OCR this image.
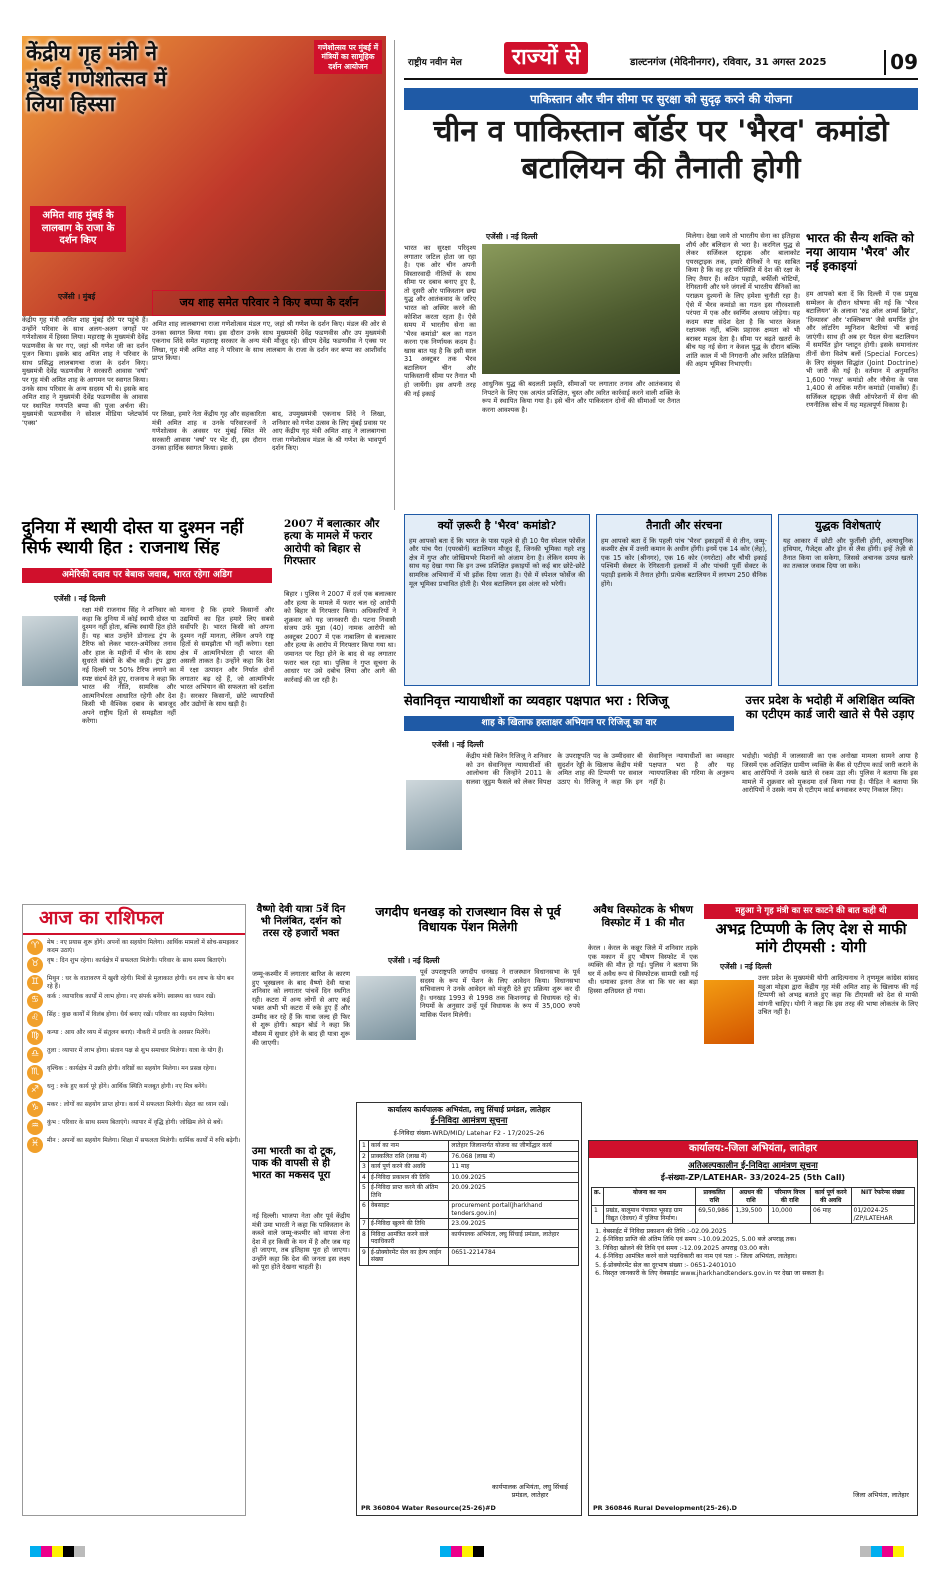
राष्ट्रीय नवीन मेल	राज्यों से	डाल्टनगंज (मेदिनीनगर), रविवार, 31 अगस्त 2025	09
केंद्रीय गृह मंत्री ने मुंबई गणेशोत्सव में लिया हिस्सा
गणेशोत्सव पर मुंबई में मंत्रियों का सामूहिक दर्शन आयोजन
अमित शाह मुंबई के लालबाग के राजा के दर्शन किए
एजेंसी । मुंबई
केंद्रीय गृह मंत्री अमित शाह मुंबई दौरे पर पहुंचे हैं। उन्होंने परिवार के साथ अलग-अलग जगहों पर गणेशोत्सव में हिस्सा लिया। महाराष्ट्र के मुख्यमंत्री देवेंद्र फडणवीस के घर गए, जहां श्री गणेश जी का दर्शन पूजन किया। इसके बाद अमित शाह ने परिवार के साथ प्रसिद्ध लालबागचा राजा के दर्शन किए। मुख्यमंत्री देवेंद्र फडणवीस ने सरकारी आवास 'वर्षा' पर गृह मंत्री अमित शाह के आगमन पर स्वागत किया। उनके साथ परिवार के अन्य सदस्य भी थे। इसके बाद अमित शाह ने मुख्यमंत्री देवेंद्र फडणवीस के आवास पर स्थापित गणपति बप्पा की पूजा अर्चना की। मुख्यमंत्री फडणवीस ने सोशल मीडिया प्लेटफॉर्म 'एक्स'
जय शाह समेत परिवार ने किए बप्पा के दर्शन
अमित शाह लालबागचा राजा गणेशोत्सव मंडल गए, जहां श्री गणेश के दर्शन किए। मंडल की ओर से उनका स्वागत किया गया। इस दौरान उनके साथ मुख्यमंत्री देवेंद्र फडणवीस और उप मुख्यमंत्री एकनाथ शिंदे समेत महाराष्ट्र सरकार के अन्य मंत्री मौजूद रहे। सीएम देवेंद्र फडणवीस ने एक्स पर लिखा, गृह मंत्री अमित शाह ने परिवार के साथ लालबाग के राजा के दर्शन कर बप्पा का आशीर्वाद प्राप्त किया।
पर लिखा, हमारे नेता केंद्रीय गृह और सहकारिता मंत्री अमित शाह व उनके परिवारजनों ने गणेशोत्सव के अवसर पर मुंबई स्थित मेरे सरकारी आवास 'वर्षा' पर भेंट दी, इस दौरान उनका हार्दिक स्वागत किया। इसके
बाद, उपमुख्यमंत्री एकनाथ शिंदे ने लिखा, शनिवार को गणेश उत्सव के लिए मुंबई प्रवास पर आए केंद्रीय गृह मंत्री अमित शाह ने लालबागचा राजा गणेशोत्सव मंडल के श्री गणेश के भावपूर्ण दर्शन किए।
पाकिस्तान और चीन सीमा पर सुरक्षा को सुदृढ़ करने की योजना
चीन व पाकिस्तान बॉर्डर पर 'भैरव' कमांडो बटालियन की तैनाती होगी
एजेंसी । नई दिल्ली
भारत का सुरक्षा परिदृश्य लगातार जटिल होता जा रहा है। एक ओर चीन अपनी विस्तारवादी नीतियों के साथ सीमा पर दबाव बनाए हुए है, तो दूसरी ओर पाकिस्तान छद्म युद्ध और आतंकवाद के जरिए भारत को अस्थिर करने की कोशिश करता रहता है। ऐसे समय में भारतीय सेना का 'भैरव कमांडो' बल का गठन करना एक निर्णायक कदम है। खास बात यह है कि इसी साल 31 अक्टूबर तक भैरव बटालियन चीन और पाकिस्तानी सीमा पर तैनात भी हो जायेंगी। इस अपनी तरह की नई इकाई
आधुनिक युद्ध की बदलती प्रकृति, सीमाओं पर लगातार तनाव और आतंकवाद से निपटने के लिए एक अत्यंत प्रशिक्षित, चुस्त और त्वरित कार्रवाई करने वाली शक्ति के रूप में स्थापित किया गया है। इसे चीन और पाकिस्तान दोनों की सीमाओं पर तैनात करना आवश्यक है।
मिलेगा। देखा जाये तो भारतीय सेना का इतिहास शौर्य और बलिदान से भरा है। करगिल युद्ध से लेकर सर्जिकल स्ट्राइक और बालाकोट एयरस्ट्राइक तक, हमारे सैनिकों ने यह साबित किया है कि वह हर परिस्थिति में देश की रक्षा के लिए तैयार हैं। कठिन पहाड़ी, बर्फीली चोटियों, रेगिस्तानी और घने जंगलों में भारतीय सैनिकों का पराक्रम दुश्मनों के लिए हमेशा चुनौती रहा है। ऐसे में भैरव कमांडो का गठन इस गौरवशाली परंपरा में एक और स्वर्णिम अध्याय जोड़ेगा। यह कदम स्पष्ट संदेश देता है कि भारत केवल रक्षात्मक नहीं, बल्कि प्रहारक क्षमता को भी बराबर महत्व देता है। सीमा पर बढ़ते खतरों के बीच यह नई सेना न केवल युद्ध के दौरान बल्कि शांति काल में भी निगरानी और त्वरित प्रतिक्रिया की अहम भूमिका निभाएगी।
भारत की सैन्य शक्ति को नया आयाम 'भैरव' और नई इकाइयां
हम आपको बता दें कि दिल्ली में एक प्रमुख सम्मेलन के दौरान घोषणा की गई कि 'भैरव बटालियन' के अलावा 'रुद्र ऑल आर्म्स ब्रिगेड', 'दिव्यास्त्र' और 'शक्तिबाण' जैसे समर्पित ड्रोन और लॉटरिंग म्यूनिशन बैटरियां भी बनाई जाएंगी। साथ ही अब हर पैदल सेना बटालियन में समर्पित ड्रोन प्लाटून होगी। इसके समानांतर तीनों सेना विशेष बलों (Special Forces) के लिए संयुक्त सिद्धांत (Joint Doctrine) भी जारी की गई है। वर्तमान में अनुमानित 1,600 'गरुड़' कमांडो और नौसेना के पास 1,400 से अधिक मरीन कमांडो (मार्कोस) हैं। सर्जिकल स्ट्राइक जैसी ऑपरेशनों में सेना की रणनीतिक सोच में यह महत्वपूर्ण विकास है।
दुनिया में स्थायी दोस्त या दुश्मन नहीं सिर्फ स्थायी हित : राजनाथ सिंह
अमेरिकी दबाव पर बेबाक जवाब, भारत रहेगा अडिग
एजेंसी । नई दिल्ली
रक्षा मंत्री राजनाथ सिंह ने शनिवार को कहा कि दुनिया में कोई स्थायी दोस्त या दुश्मन नहीं होता, बल्कि स्थायी हित होते हैं। यह बात उन्होंने डोनाल्ड ट्रंप के टैरिफ को लेकर भारत-अमेरिका तनाव और हाल के महीनों में चीन के साथ सुधरते संबंधों के बीच कही। ट्रंप द्वारा नई दिल्ली पर 50% टैरिफ लगाने का स्पष्ट संदर्भ देते हुए, राजनाथ ने कहा कि भारत की नीति, सामरिक और आत्मनिर्भरता आधारित रहेगी और देश किसी भी वैश्विक दबाव के बावजूद अपने राष्ट्रीय हितों से समझौता नहीं करेगा।
मानना है कि हमारे किसानों और उद्यमियों का हित हमारे लिए सबसे सर्वोपरि है। भारत किसी को अपना दुश्मन नहीं मानता, लेकिन अपने राष्ट्र हितों से समझौता भी नहीं करेगा। रक्षा क्षेत्र में आत्मनिर्भरता ही भारत की असली ताकत है। उन्होंने कहा कि देश में रक्षा उत्पादन और निर्यात दोनों लगातार बढ़ रहे हैं, जो आत्मनिर्भर भारत अभियान की सफलता को दर्शाता है। सरकार किसानों, छोटे व्यापारियों और उद्योगों के साथ खड़ी है।
2007 में बलात्कार और हत्या के मामले में फरार आरोपी को बिहार से गिरफ्तार
बिहार । पुलिस ने 2007 में दर्ज एक बलात्कार और हत्या के मामले में फरार चल रहे आरोपी को बिहार से गिरफ्तार किया। अधिकारियों ने शुक्रवार को यह जानकारी दी। पटना निवासी संजय उर्फ मुन्ना (40) नामक आरोपी को अक्टूबर 2007 में एक नाबालिग से बलात्कार और हत्या के आरोप में गिरफ्तार किया गया था। जमानत पर रिहा होने के बाद से वह लगातार फरार चल रहा था। पुलिस ने गुप्त सूचना के आधार पर उसे दबोच लिया और आगे की कार्रवाई की जा रही है।
क्यों ज़रूरी है 'भैरव' कमांडो?
हम आपको बता दें कि भारत के पास पहले से ही 10 पैरा स्पेशल फोर्सेज और पांच पैरा (एयरबोर्न) बटालियन मौजूद हैं, जिनकी भूमिका गहरे शत्रु क्षेत्र में गुप्त और जोखिमभरे मिशनों को अंजाम देना है। लेकिन समय के साथ यह देखा गया कि इन उच्च प्रशिक्षित इकाइयों को कई बार छोटे-छोटे सामरिक अभियानों में भी झोंक दिया जाता है। ऐसे में स्पेशल फोर्सेज की मूल भूमिका प्रभावित होती है। भैरव बटालियन इस अंतर को भरेगी।
तैनाती और संरचना
हम आपको बता दें कि पहली पांच 'भैरव' इकाइयों में से तीन, जम्मू-कश्मीर क्षेत्र में उत्तरी कमान के अधीन होंगी। इनमें एक 14 कोर (लेह), एक 15 कोर (श्रीनगर), एक 16 कोर (नगरोटा) और चौथी इकाई पश्चिमी सेक्टर के रेगिस्तानी इलाकों में और पांचवी पूर्वी सेक्टर के पहाड़ी इलाके में तैनात होगी। प्रत्येक बटालियन में लगभग 250 सैनिक होंगे।
युद्धक विशेषताएं
यह आकार में छोटी और फुर्तीली होंगी, अत्याधुनिक हथियार, गैजेट्स और ड्रोन से लैस होंगी। इन्हें तेज़ी से तैनात किया जा सकेगा, जिससे अचानक उत्पन्न खतरे का तत्काल जवाब दिया जा सके।
सेवानिवृत्त न्यायाधीशों का व्यवहार पक्षपात भरा : रिजिजू
शाह के खिलाफ हस्ताक्षर अभियान पर रिजिजू का वार
एजेंसी । नई दिल्ली
केंद्रीय मंत्री किरेन रिजिजू ने शनिवार को उन सेवानिवृत्त न्यायाधीशों की आलोचना की जिन्होंने 2011 के सलवा जुडुम फैसले को लेकर विपक्ष के उपराष्ट्रपति पद के उम्मीदवार बी सुदर्शन रेड्डी के खिलाफ केंद्रीय मंत्री अमित शाह की टिप्पणी पर सवाल उठाए थे। रिजिजू ने कहा कि इन सेवानिवृत्त न्यायाधीशों का व्यवहार पक्षपात भरा है और यह न्यायपालिका की गरिमा के अनुरूप नहीं है।
उत्तर प्रदेश के भदोही में अशिक्षित व्यक्ति का एटीएम कार्ड जारी खाते से पैसे उड़ाए
भदोही। भदोही में जालसाजी का एक अनोखा मामला सामने आया है जिसमें एक अशिक्षित ग्रामीण व्यक्ति के बैंक से एटीएम कार्ड जारी कराने के बाद आरोपियों ने उसके खाते से रकम उड़ा ली। पुलिस ने बताया कि इस मामले में शुक्रवार को मुकदमा दर्ज किया गया है। पीड़ित ने बताया कि आरोपियों ने उसके नाम से एटीएम कार्ड बनवाकर रुपए निकाल लिए।
आज का राशिफल
♈	मेष : नए प्रयास शुरू होंगे। अपनों का सहयोग मिलेगा। आर्थिक मामलों में सोच-समझकर कदम उठाएं।
♉	वृष : दिन शुभ रहेगा। कार्यक्षेत्र में सफलता मिलेगी। परिवार के साथ समय बिताएंगे।
♊	मिथुन : घर के वातावरण में खुशी रहेगी। मित्रों से मुलाकात होगी। धन लाभ के योग बन रहे हैं।
♋	कर्क : व्यापारिक कार्यों में लाभ होगा। नए संपर्क बनेंगे। स्वास्थ्य का ध्यान रखें।
♌	सिंह : कुछ कार्यों में विलंब होगा। धैर्य बनाए रखें। परिवार का सहयोग मिलेगा।
♍	कन्या : आय और व्यय में संतुलन बनाएं। नौकरी में प्रगति के अवसर मिलेंगे।
♎	तुला : व्यापार में लाभ होगा। संतान पक्ष से शुभ समाचार मिलेगा। यात्रा के योग हैं।
♏	वृश्चिक : कार्यक्षेत्र में उन्नति होगी। वरिष्ठों का सहयोग मिलेगा। मन प्रसन्न रहेगा।
♐	धनु : रुके हुए कार्य पूरे होंगे। आर्थिक स्थिति मजबूत होगी। नए मित्र बनेंगे।
♑	मकर : लोगों का सहयोग प्राप्त होगा। कार्य में सफलता मिलेगी। सेहत का ध्यान रखें।
♒	कुंभ : परिवार के साथ समय बिताएंगे। व्यापार में वृद्धि होगी। जोखिम लेने से बचें।
♓	मीन : अपनों का सहयोग मिलेगा। शिक्षा में सफलता मिलेगी। धार्मिक कार्यों में रुचि बढ़ेगी।
वैष्णो देवी यात्रा 5वें दिन भी निलंबित, दर्शन को तरस रहे हजारों भक्त
जम्मू-कश्मीर में लगातार बारिश के कारण हुए भूस्खलन के बाद वैष्णो देवी यात्रा शनिवार को लगातार पांचवें दिन स्थगित रही। कटरा में अन्य लोगों से आए कई भक्त अभी भी कटरा में रुके हुए हैं और उम्मीद कर रहे हैं कि यात्रा जल्द ही फिर से शुरू होगी। श्राइन बोर्ड ने कहा कि मौसम में सुधार होने के बाद ही यात्रा शुरू की जाएगी।
उमा भारती का दो टूक, पाक की वापसी से ही भारत का मकसद पूरा
नई दिल्ली। भाजपा नेता और पूर्व केंद्रीय मंत्री उमा भारती ने कहा कि पाकिस्तान के कब्जे वाले जम्मू-कश्मीर को वापस लेना देश में हर किसी के मन में है और जब यह हो जाएगा, तब इतिहास पूरा हो जाएगा। उन्होंने कहा कि देश की जनता इस लक्ष्य को पूरा होते देखना चाहती है।
जगदीप धनखड़ को राजस्थान विस से पूर्व विधायक पेंशन मिलेगी
एजेंसी । नई दिल्ली
पूर्व उपराष्ट्रपति जगदीप धनखड़ ने राजस्थान विधानसभा के पूर्व सदस्य के रूप में पेंशन के लिए आवेदन किया। विधानसभा सचिवालय ने उनके आवेदन को मंजूरी देते हुए प्रक्रिया शुरू कर दी है। धनखड़ 1993 से 1998 तक किशनगढ़ से विधायक रहे थे। नियमों के अनुसार उन्हें पूर्व विधायक के रूप में 35,000 रुपये मासिक पेंशन मिलेगी।
कार्यालय कार्यपालक अभियंता, लघु सिंचाई प्रमंडल, लातेहार
ई-निविदा आमंत्रण सूचना
ई-निविदा संख्या-WRD/MID/ Latehar F2 - 17/2025-26
1	कार्य का नाम	लातेहार जिलान्तर्गत योजना का जीर्णोद्धार कार्य
2	प्राक्कलित राशि (लाख में)	76.068 (लाख में)
3	कार्य पूर्ण करने की अवधि	11 माह
4	ई-निविदा प्रकाशन की तिथि	10.09.2025
5	ई-निविदा प्राप्त करने की अंतिम तिथि	20.09.2025
6	वेबसाइट	procurement portal(Jharkhand tenders.gov.in)
7	ई-निविदा खुलने की तिथि	23.09.2025
8	निविदा आमंत्रित करने वाले पदाधिकारी	कार्यपालक अभियंता, लघु सिंचाई प्रमंडल, लातेहार
9	ई-प्रोक्योरमेंट सेल का हेल्प लाईन संख्या	0651-2214784
कार्यपालक अभियंता, लघु सिंचाई प्रमंडल, लातेहार
PR 360804 Water Resource(25-26)#D
अवैध विस्फोटक के भीषण विस्फोट में 1 की मौत
केरल । केरल के कन्नूर जिले में शनिवार तड़के एक मकान में हुए भीषण विस्फोट में एक व्यक्ति की मौत हो गई। पुलिस ने बताया कि घर में अवैध रूप से विस्फोटक सामग्री रखी गई थी। धमाका इतना तेज था कि घर का बड़ा हिस्सा क्षतिग्रस्त हो गया।
महुआ ने गृह मंत्री का सर काटने की बात कही थी
अभद्र टिप्पणी के लिए देश से माफी मांगे टीएमसी : योगी
एजेंसी । नई दिल्ली
उत्तर प्रदेश के मुख्यमंत्री योगी आदित्यनाथ ने तृणमूल कांग्रेस सांसद महुआ मोइत्रा द्वारा केंद्रीय गृह मंत्री अमित शाह के खिलाफ की गई टिप्पणी को अभद्र बताते हुए कहा कि टीएमसी को देश से माफी मांगनी चाहिए। योगी ने कहा कि इस तरह की भाषा लोकतंत्र के लिए उचित नहीं है।
कार्यालय:-जिला अभियंता, लातेहार
अतिअल्पकालीन ई-निविदा आमंत्रण सूचना
ई-संख्या-ZP/LATEHAR- 33/2024-25 (5th Call)
क्र.	योजना का नाम	प्राक्कलित राशि	अग्रधन की राशि	परिमाण विपत्र की राशि	कार्य पूर्ण करने की अवधि	NIT रेफरेन्स संख्या
1	प्रखंड, बालूमाथ पंचायत भूसाड़ ग्राम विद्युत (देवघर) में पुलिया निर्माण।	69,50,986	1,39,500	10,000	06 माह	01/2024-25 /ZP/LATEHAR
1. वेबसाईट में निविदा प्रकाशन की तिथि :-02.09.2025
2. ई-निविदा प्राप्ति की अंतिम तिथि एवं समय :-10.09.2025, 5.00 बजे अपराह्न तक।
3. निविदा खोलने की तिथि एवं समय :-12.09.2025 अपराह्न 03.00 बजे।
4. ई-निविदा आमंत्रित करने वाले पदाधिकारी का नाम एवं पता :- जिला अभियंता, लातेहार।
5. ई-प्रोक्योरमेंट सेल का दूरभाष संख्या :- 0651-2401010
6. विस्तृत जानकारी के लिए वेबसाईट www.jharkhandtenders.gov.in पर देखा जा सकता है।
जिला अभियंता, लातेहार
PR 360846 Rural Development(25-26).D
